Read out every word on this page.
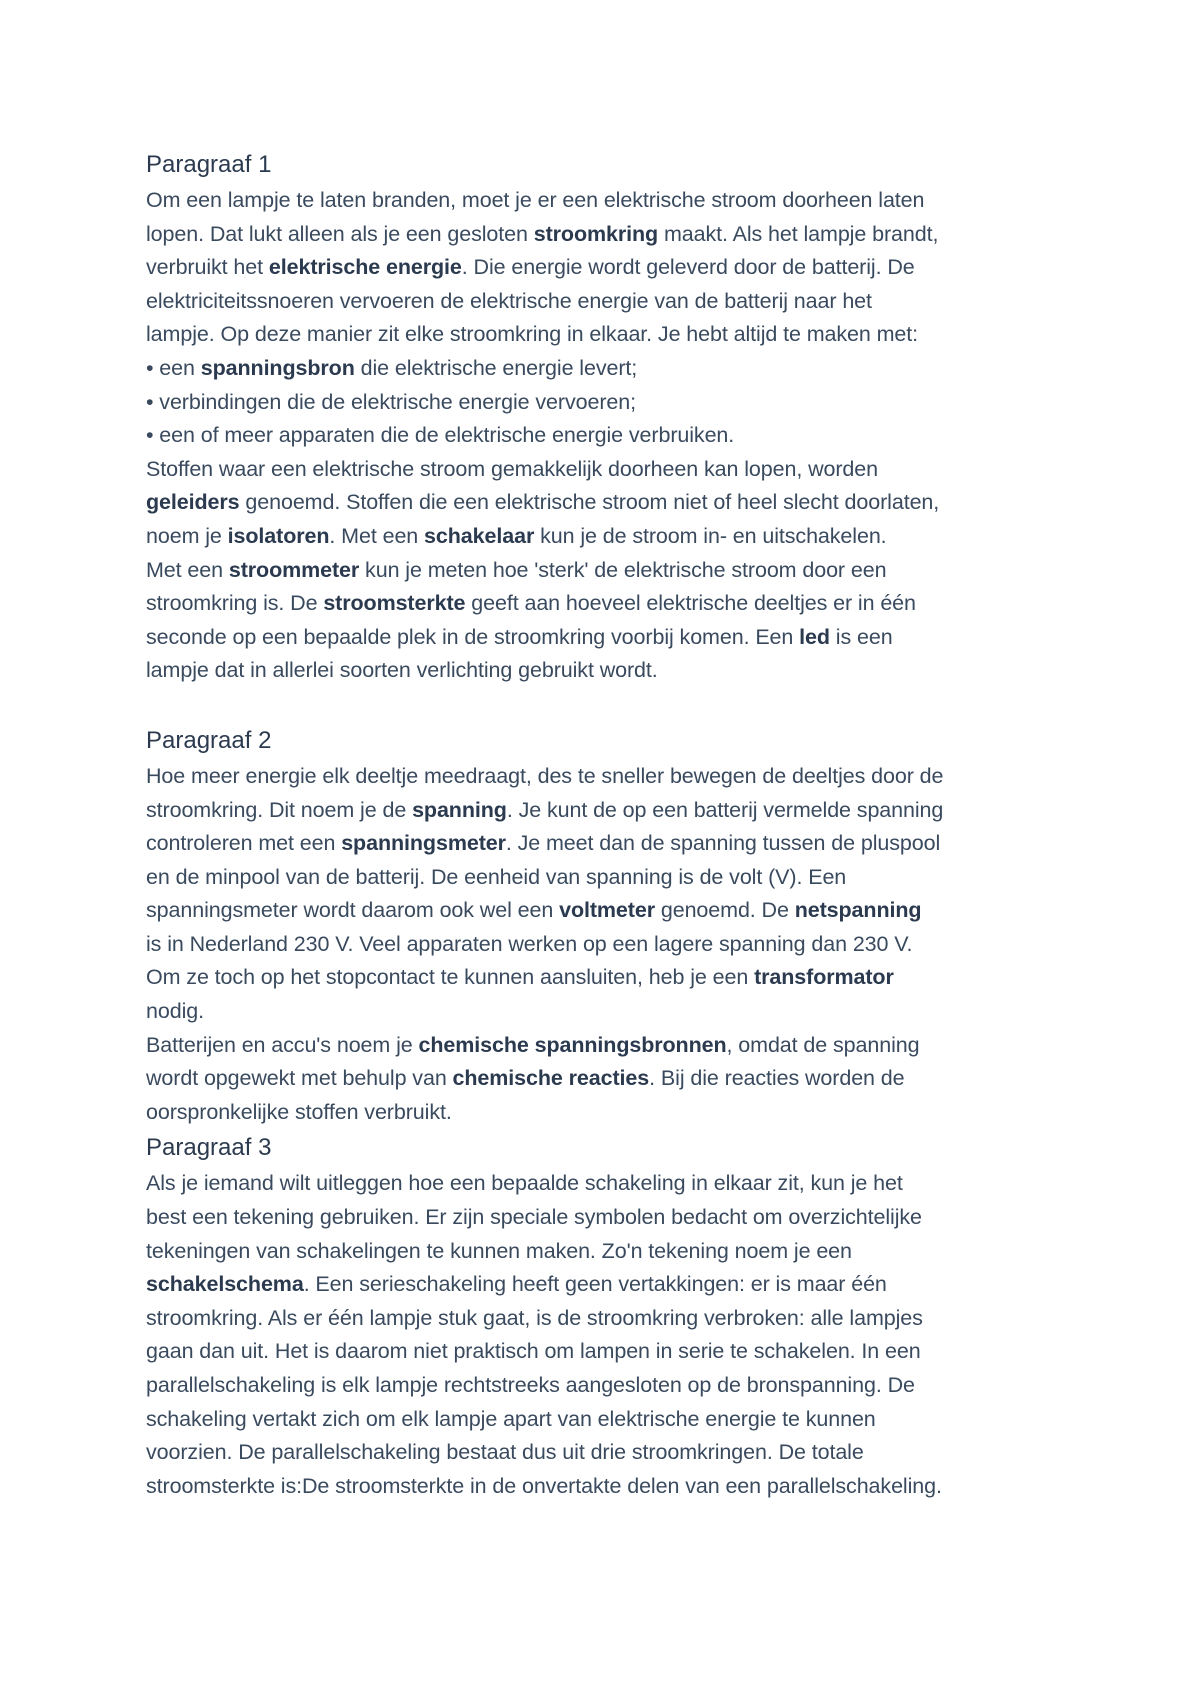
Paragraaf 1

Om een lampje te laten branden, moet je er een elektrische stroom doorheen laten
lopen. Dat lukt alleen als je een gesloten stroomkring maakt. Als het lampje brandt,
verbruikt het elektrische energie. Die energie wordt geleverd door de batterij. De
elektriciteitssnoeren vervoeren de elektrische energie van de batterij naar het
lampje. Op deze manier zit elke stroomkring in elkaar. Je hebt altijd te maken met:
• een spanningsbron die elektrische energie levert;
• verbindingen die de elektrische energie vervoeren;
• een of meer apparaten die de elektrische energie verbruiken.
Stoffen waar een elektrische stroom gemakkelijk doorheen kan lopen, worden
geleiders genoemd. Stoffen die een elektrische stroom niet of heel slecht doorlaten,
noem je isolatoren. Met een schakelaar kun je de stroom in- en uitschakelen.
Met een stroommeter kun je meten hoe 'sterk' de elektrische stroom door een
stroomkring is. De stroomsterkte geeft aan hoeveel elektrische deeltjes er in één
seconde op een bepaalde plek in de stroomkring voorbij komen. Een led is een
lampje dat in allerlei soorten verlichting gebruikt wordt.

Paragraaf 2

Hoe meer energie elk deeltje meedraagt, des te sneller bewegen de deeltjes door de
stroomkring. Dit noem je de spanning. Je kunt de op een batterij vermelde spanning
controleren met een spanningsmeter. Je meet dan de spanning tussen de pluspool
en de minpool van de batterij. De eenheid van spanning is de volt (V). Een
spanningsmeter wordt daarom ook wel een voltmeter genoemd. De netspanning
is in Nederland 230 V. Veel apparaten werken op een lagere spanning dan 230 V.
Om ze toch op het stopcontact te kunnen aansluiten, heb je een transformator
nodig.
Batterijen en accu's noem je chemische spanningsbronnen, omdat de spanning
wordt opgewekt met behulp van chemische reacties. Bij die reacties worden de
oorspronkelijke stoffen verbruikt.

Paragraaf 3

Als je iemand wilt uitleggen hoe een bepaalde schakeling in elkaar zit, kun je het
best een tekening gebruiken. Er zijn speciale symbolen bedacht om overzichtelijke
tekeningen van schakelingen te kunnen maken. Zo'n tekening noem je een
schakelschema. Een serieschakeling heeft geen vertakkingen: er is maar één
stroomkring. Als er één lampje stuk gaat, is de stroomkring verbroken: alle lampjes
gaan dan uit. Het is daarom niet praktisch om lampen in serie te schakelen. In een
parallelschakeling is elk lampje rechtstreeks aangesloten op de bronspanning. De
schakeling vertakt zich om elk lampje apart van elektrische energie te kunnen
voorzien. De parallelschakeling bestaat dus uit drie stroomkringen. De totale
stroomsterkte is:De stroomsterkte in de onvertakte delen van een parallelschakeling.
